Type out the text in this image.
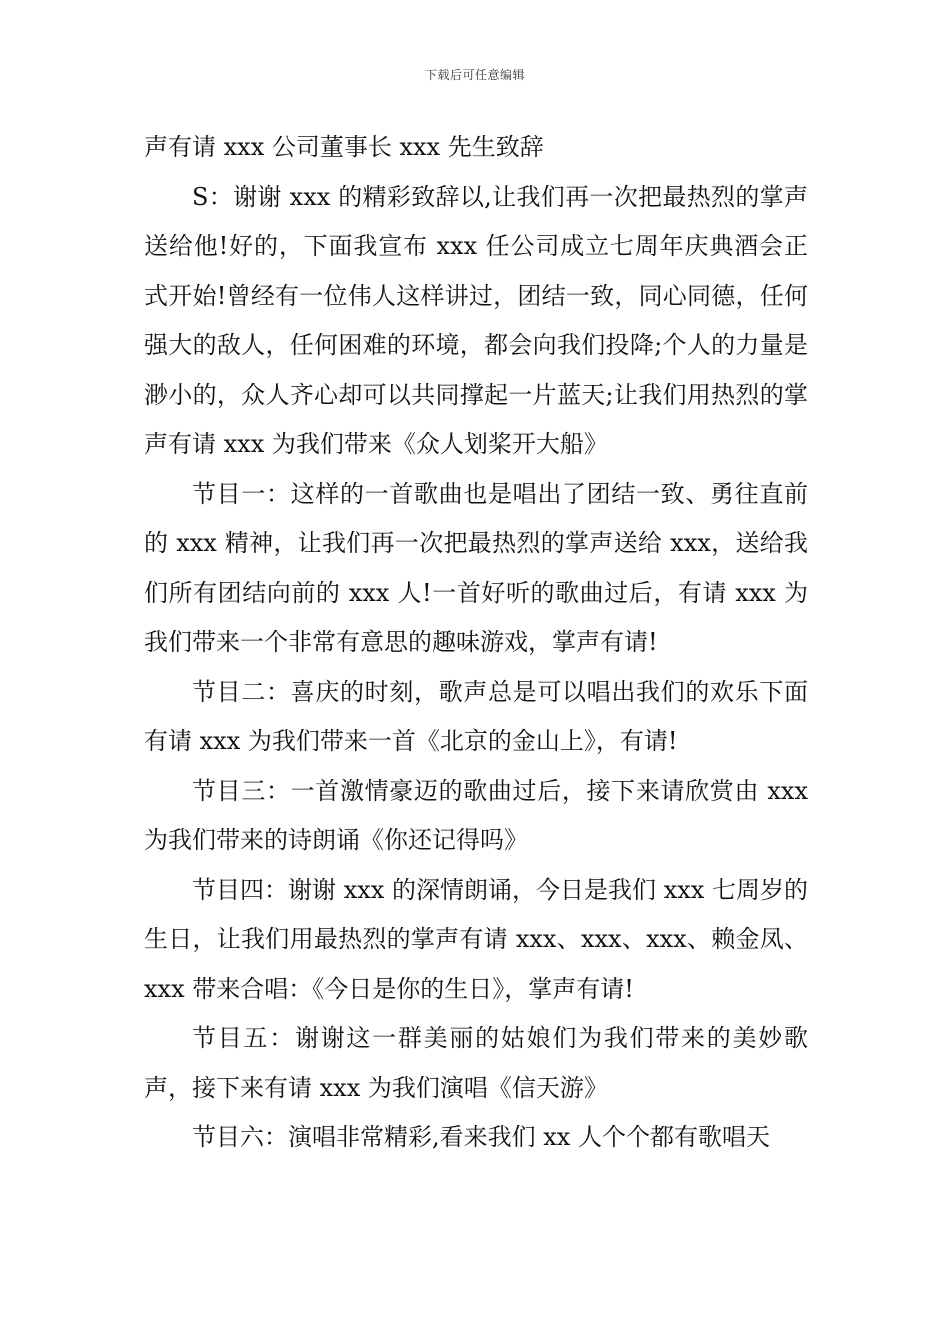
下载后可任意编辑

声有请 xxx 公司董事长 xxx 先生致辞

S：谢谢 xxx 的精彩致辞以,让我们再一次把最热烈的掌声送给他!好的，下面我宣布 xxx 任公司成立七周年庆典酒会正式开始!曾经有一位伟人这样讲过，团结一致，同心同德，任何强大的敌人，任何困难的环境，都会向我们投降;个人的力量是渺小的，众人齐心却可以共同撑起一片蓝天;让我们用热烈的掌声有请 xxx 为我们带来《众人划桨开大船》

节目一：这样的一首歌曲也是唱出了团结一致、勇往直前的 xxx 精神，让我们再一次把最热烈的掌声送给 xxx，送给我们所有团结向前的 xxx 人!一首好听的歌曲过后，有请 xxx 为我们带来一个非常有意思的趣味游戏，掌声有请!

节目二：喜庆的时刻，歌声总是可以唱出我们的欢乐下面有请 xxx 为我们带来一首《北京的金山上》，有请!

节目三：一首激情豪迈的歌曲过后，接下来请欣赏由 xxx 为我们带来的诗朗诵《你还记得吗》

节目四：谢谢 xxx 的深情朗诵，今日是我们 xxx 七周岁的生日，让我们用最热烈的掌声有请 xxx、xxx、xxx、赖金凤、xxx 带来合唱：《今日是你的生日》，掌声有请!

节目五：谢谢这一群美丽的姑娘们为我们带来的美妙歌声，接下来有请 xxx 为我们演唱《信天游》

节目六：演唱非常精彩,看来我们 xx 人个个都有歌唱天
